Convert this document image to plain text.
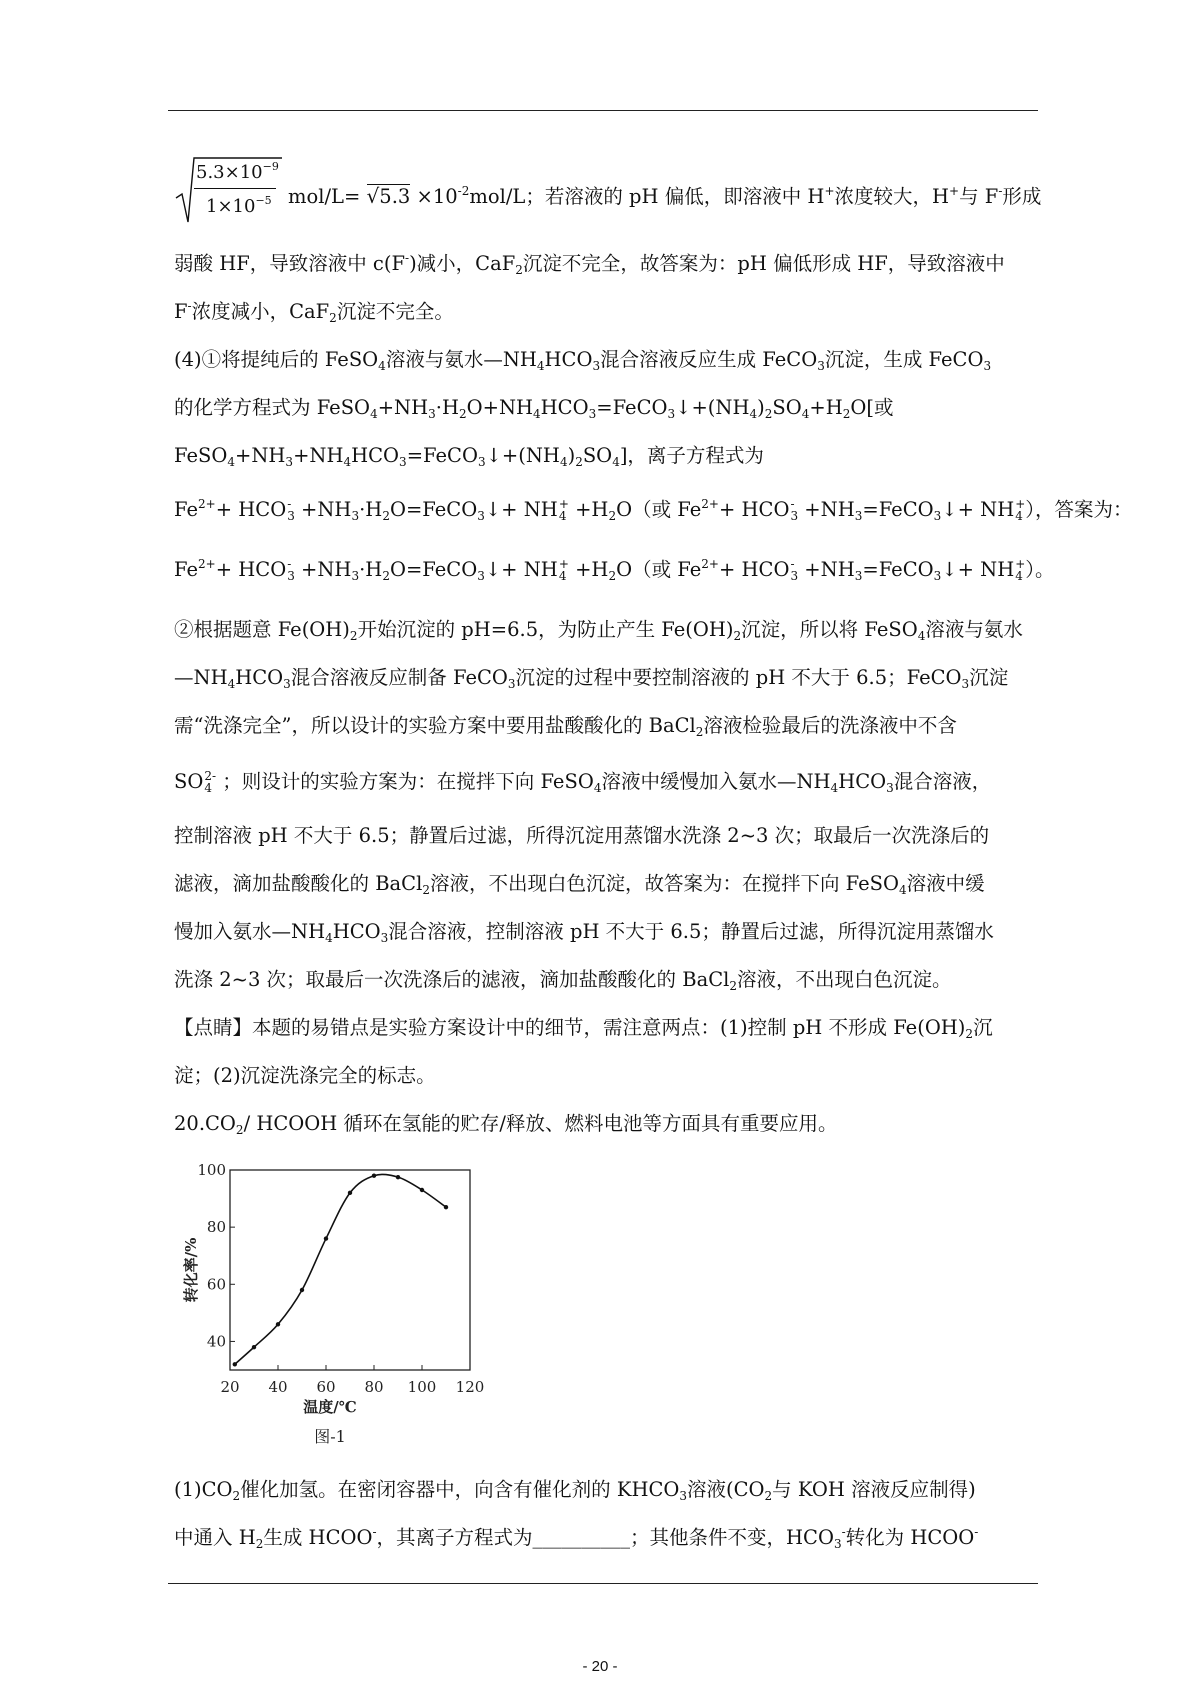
$5.3\times 10^{-9}$
$1\times 10^{-5}$ $mol/L= √5.3 \times 10^{-2}mol/L$；若溶液的 pH 偏低，即溶液中 H+浓度较大，H+与 F-形成
弱酸 HF，导致溶液中 c(F-)减小，CaF$_2$沉淀不完全，故答案为：pH 偏低形成 HF，导致溶液中
F-浓度减小，CaF$_2$沉淀不完全。
(4)①将提纯后的 FeSO$_4$溶液与氨水$—NH_4HCO_3$混合溶液反应生成 FeCO$_3$沉淀，生成 FeCO$_3$
的化学方程式为 $FeSO_4+NH_3\cdot H_2O+NH_4HCO_3=FeCO_3↓+(NH_4)_2SO_4+H_2O$[或
$FeSO_4+NH_3+NH_4HCO_3=FeCO_3↓+(NH_4)_2SO_4$]，离子方程式为
$Fe^{2+}+$ HCO -
$3 +NH_3\cdot H_2O=FeCO_3↓+$ NH +
$4 +H_2O$（或 $Fe^{2+}+$ HCO -
$3 +NH_3=FeCO_3↓+$ NH +
4 ），答案为：
$Fe^{2+}+$ HCO -
$3 +NH_3\cdot H_2O=FeCO_3↓+$ NH +
$4 +H_2O$（或 $Fe^{2+}+$ HCO -
$3 +NH_3=FeCO_3↓+$ NH +
4 ）。
②根据题意 $Fe(OH)_2$开始沉淀的 pH=6.5，为防止产生 $Fe(OH)_2$沉淀，所以将 FeSO$_4$溶液与氨水
$—NH_4HCO_3$混合溶液反应制备 FeCO$_3$沉淀的过程中要控制溶液的 pH 不大于 6.5；FeCO$_3$沉淀
需“洗涤完全”，所以设计的实验方案中要用盐酸酸化的 BaCl$_2$溶液检验最后的洗涤液中不含
SO 2-
4 ；则设计的实验方案为：在搅拌下向 FeSO$_4$溶液中缓慢加入氨水$—NH_4HCO_3$混合溶液，
控制溶液 pH 不大于 6.5；静置后过滤，所得沉淀用蒸馏水洗涤 2~3 次；取最后一次洗涤后的
滤液，滴加盐酸酸化的 BaCl$_2$溶液，不出现白色沉淀，故答案为：在搅拌下向 FeSO$_4$溶液中缓
慢加入氨水$—NH_4HCO_3$混合溶液，控制溶液 pH 不大于 6.5；静置后过滤，所得沉淀用蒸馏水
洗涤 2~3 次；取最后一次洗涤后的滤液，滴加盐酸酸化的 BaCl$_2$溶液，不出现白色沉淀。
【点睛】本题的易错点是实验方案设计中的细节，需注意两点：(1)控制 pH 不形成 $Fe(OH)_2$沉
淀；(2)沉淀洗涤完全的标志。
$20.CO_2/$ HCOOH 循环在氢能的贮存/释放、燃料电池等方面具有重要应用。
20 40 60 80 100 120
40
60
80
100
温度/℃
转化率/%
图-1
$(1)CO_2$催化加氢。在密闭容器中，向含有催化剂的 $KHCO_3$溶液($CO_2$与 KOH 溶液反应制得)
中通入 $H_2$生成 HCOO-，其离子方程式为__________；其他条件不变，$HCO_3^-$转化为 HCOO-
- 20 -
